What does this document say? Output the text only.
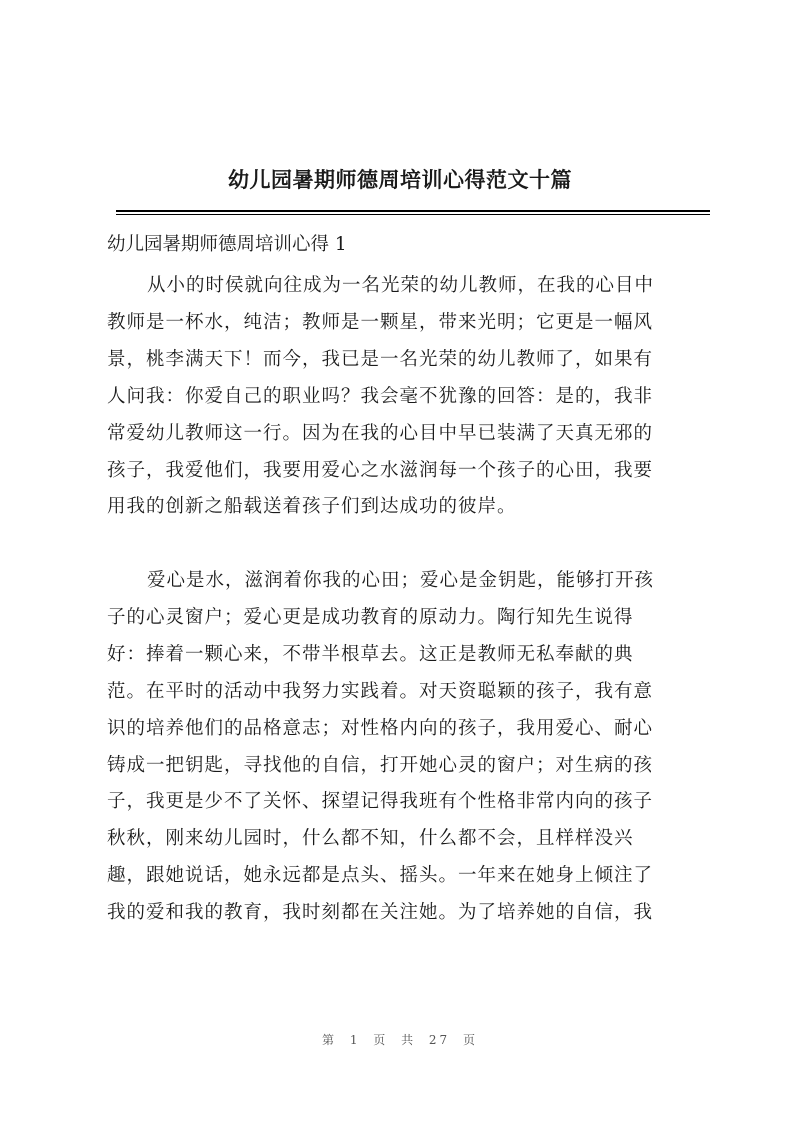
幼儿园暑期师德周培训心得范文十篇
幼儿园暑期师德周培训心得 1
从小的时侯就向往成为一名光荣的幼儿教师，在我的心目中
教师是一杯水，纯洁；教师是一颗星，带来光明；它更是一幅风
景，桃李满天下！而今，我已是一名光荣的幼儿教师了，如果有
人问我：你爱自己的职业吗？我会毫不犹豫的回答：是的，我非
常爱幼儿教师这一行。因为在我的心目中早已装满了天真无邪的
孩子，我爱他们，我要用爱心之水滋润每一个孩子的心田，我要
用我的创新之船载送着孩子们到达成功的彼岸。
爱心是水，滋润着你我的心田；爱心是金钥匙，能够打开孩
子的心灵窗户；爱心更是成功教育的原动力。陶行知先生说得
好：捧着一颗心来，不带半根草去。这正是教师无私奉献的典
范。在平时的活动中我努力实践着。对天资聪颖的孩子，我有意
识的培养他们的品格意志；对性格内向的孩子，我用爱心、耐心
铸成一把钥匙，寻找他的自信，打开她心灵的窗户；对生病的孩
子，我更是少不了关怀、探望记得我班有个性格非常内向的孩子
秋秋，刚来幼儿园时，什么都不知，什么都不会，且样样没兴
趣，跟她说话，她永远都是点头、摇头。一年来在她身上倾注了
我的爱和我的教育，我时刻都在关注她。为了培养她的自信，我
第 1 页 共 27 页
